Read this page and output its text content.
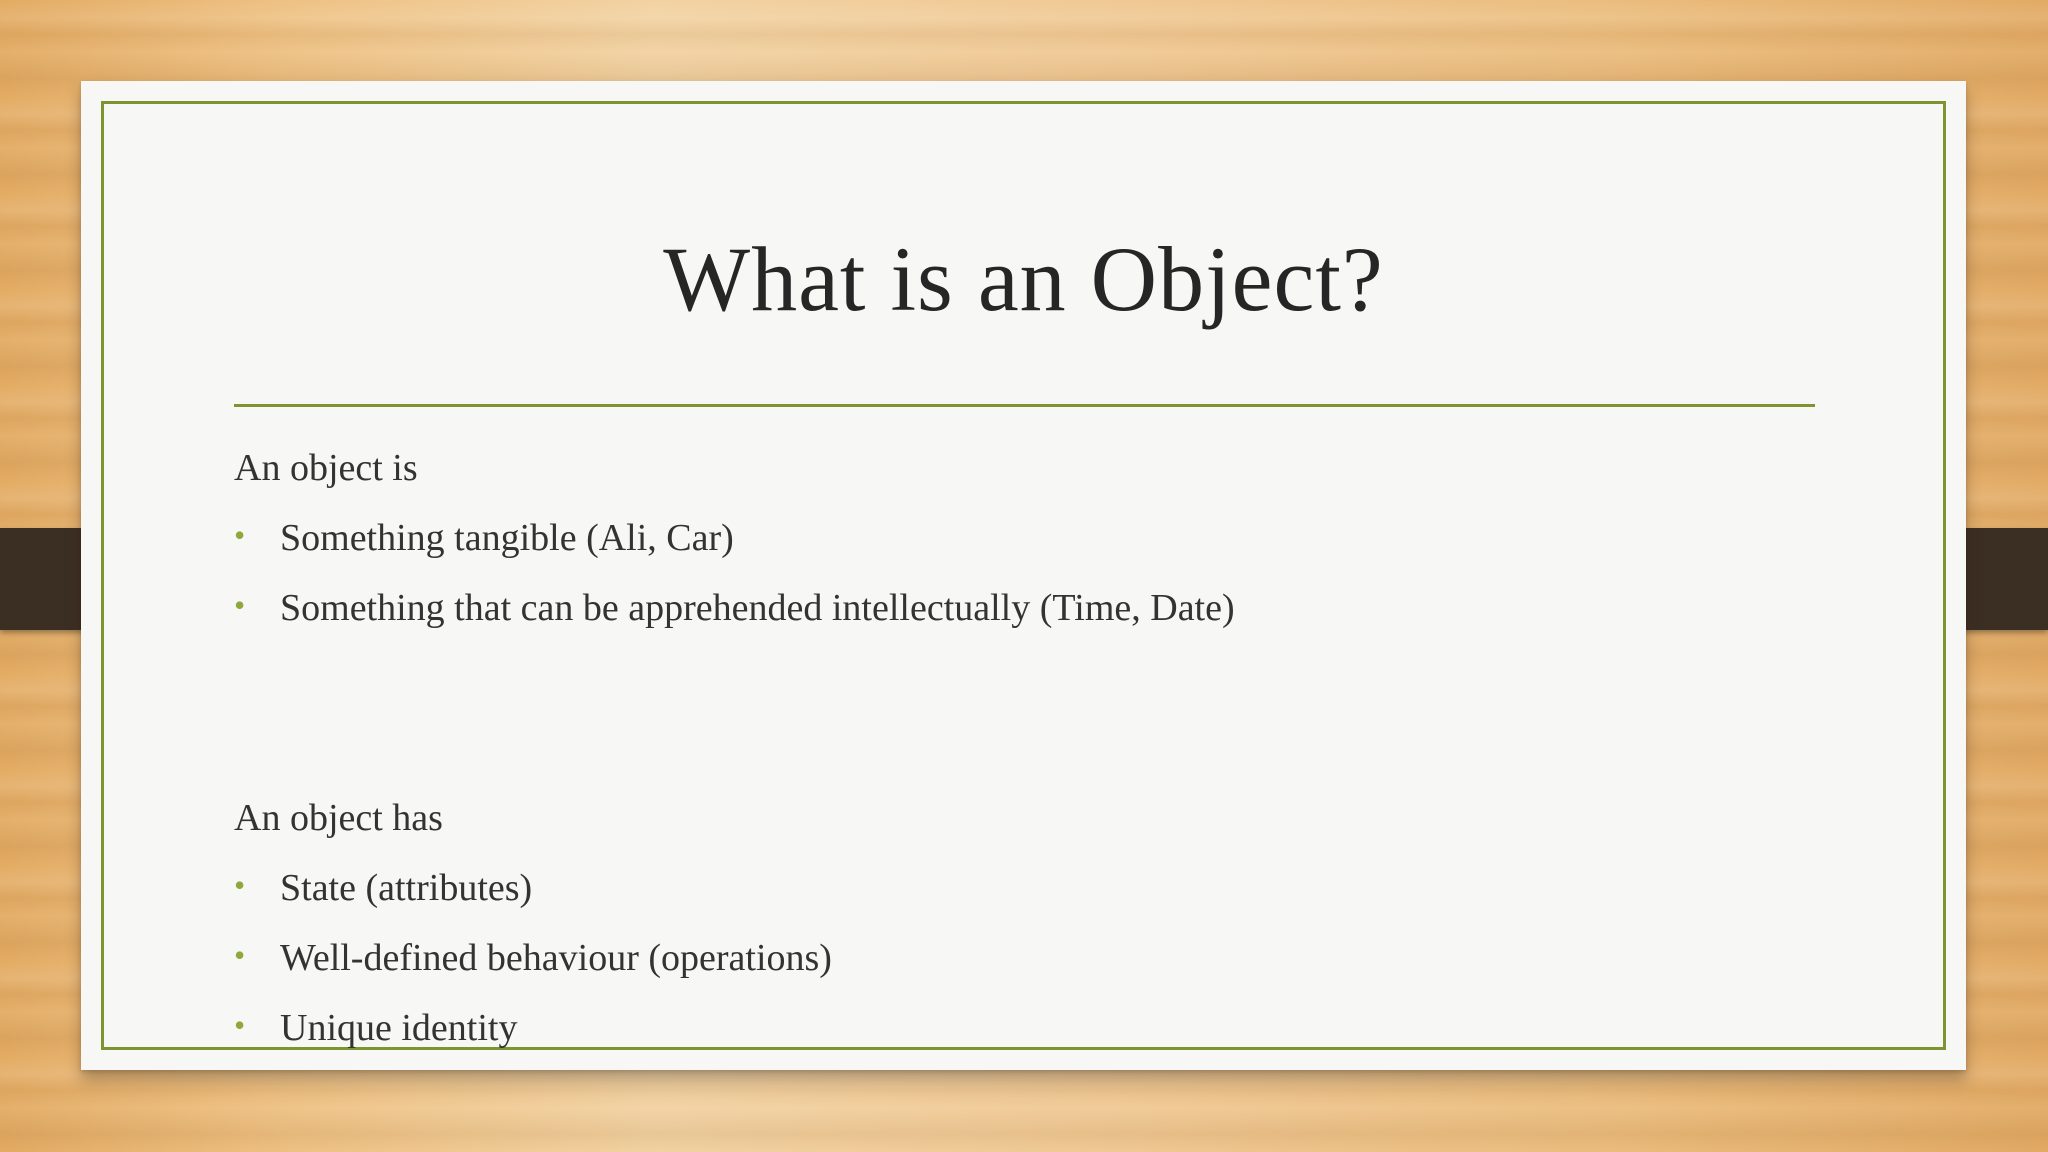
What is an Object?
An object is
• Something tangible (Ali, Car)
• Something that can be apprehended intellectually (Time, Date)
An object has
• State (attributes)
• Well-defined behaviour (operations)
• Unique identity
